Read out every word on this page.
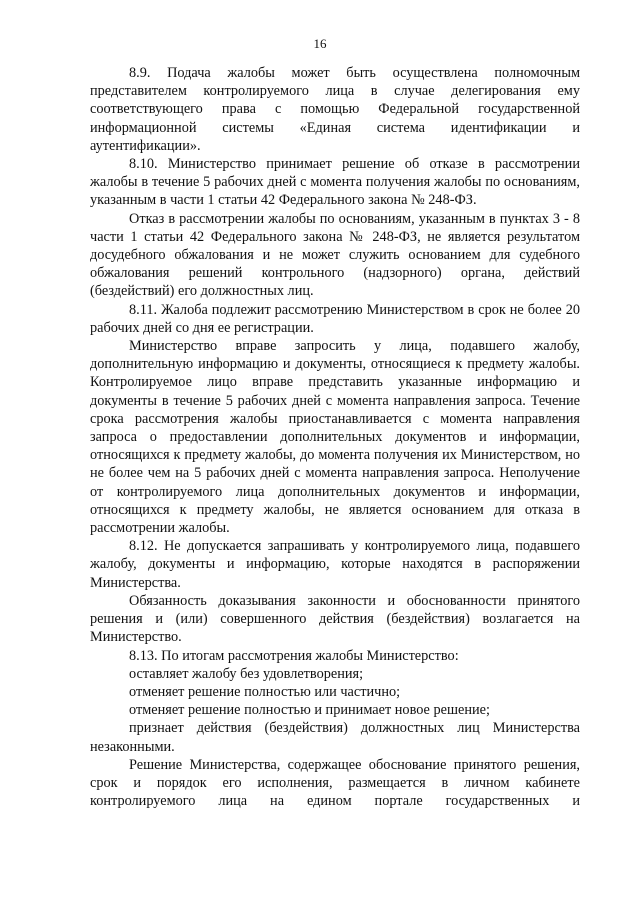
16

8.9. Подача жалобы может быть осуществлена полномочным представителем контролируемого лица в случае делегирования ему соответствующего права с помощью Федеральной государственной информационной системы «Единая система идентификации и аутентификации».

8.10. Министерство принимает решение об отказе в рассмотрении жалобы в течение 5 рабочих дней с момента получения жалобы по основаниям, указанным в части 1 статьи 42 Федерального закона № 248-ФЗ.

Отказ в рассмотрении жалобы по основаниям, указанным в пунктах 3 - 8 части 1 статьи 42 Федерального закона № 248-ФЗ, не является результатом досудебного обжалования и не может служить основанием для судебного обжалования решений контрольного (надзорного) органа, действий (бездействий) его должностных лиц.

8.11. Жалоба подлежит рассмотрению Министерством в срок не более 20 рабочих дней со дня ее регистрации.

Министерство вправе запросить у лица, подавшего жалобу, дополнительную информацию и документы, относящиеся к предмету жалобы. Контролируемое лицо вправе представить указанные информацию и документы в течение 5 рабочих дней с момента направления запроса. Течение срока рассмотрения жалобы приостанавливается с момента направления запроса о предоставлении дополнительных документов и информации, относящихся к предмету жалобы, до момента получения их Министерством, но не более чем на 5 рабочих дней с момента направления запроса. Неполучение от контролируемого лица дополнительных документов и информации, относящихся к предмету жалобы, не является основанием для отказа в рассмотрении жалобы.

8.12. Не допускается запрашивать у контролируемого лица, подавшего жалобу, документы и информацию, которые находятся в распоряжении Министерства.

Обязанность доказывания законности и обоснованности принятого решения и (или) совершенного действия (бездействия) возлагается на Министерство.

8.13. По итогам рассмотрения жалобы Министерство:

оставляет жалобу без удовлетворения;

отменяет решение полностью или частично;

отменяет решение полностью и принимает новое решение;

признает действия (бездействия) должностных лиц Министерства незаконными.

Решение Министерства, содержащее обоснование принятого решения, срок и порядок его исполнения, размещается в личном кабинете контролируемого лица на едином портале государственных и
